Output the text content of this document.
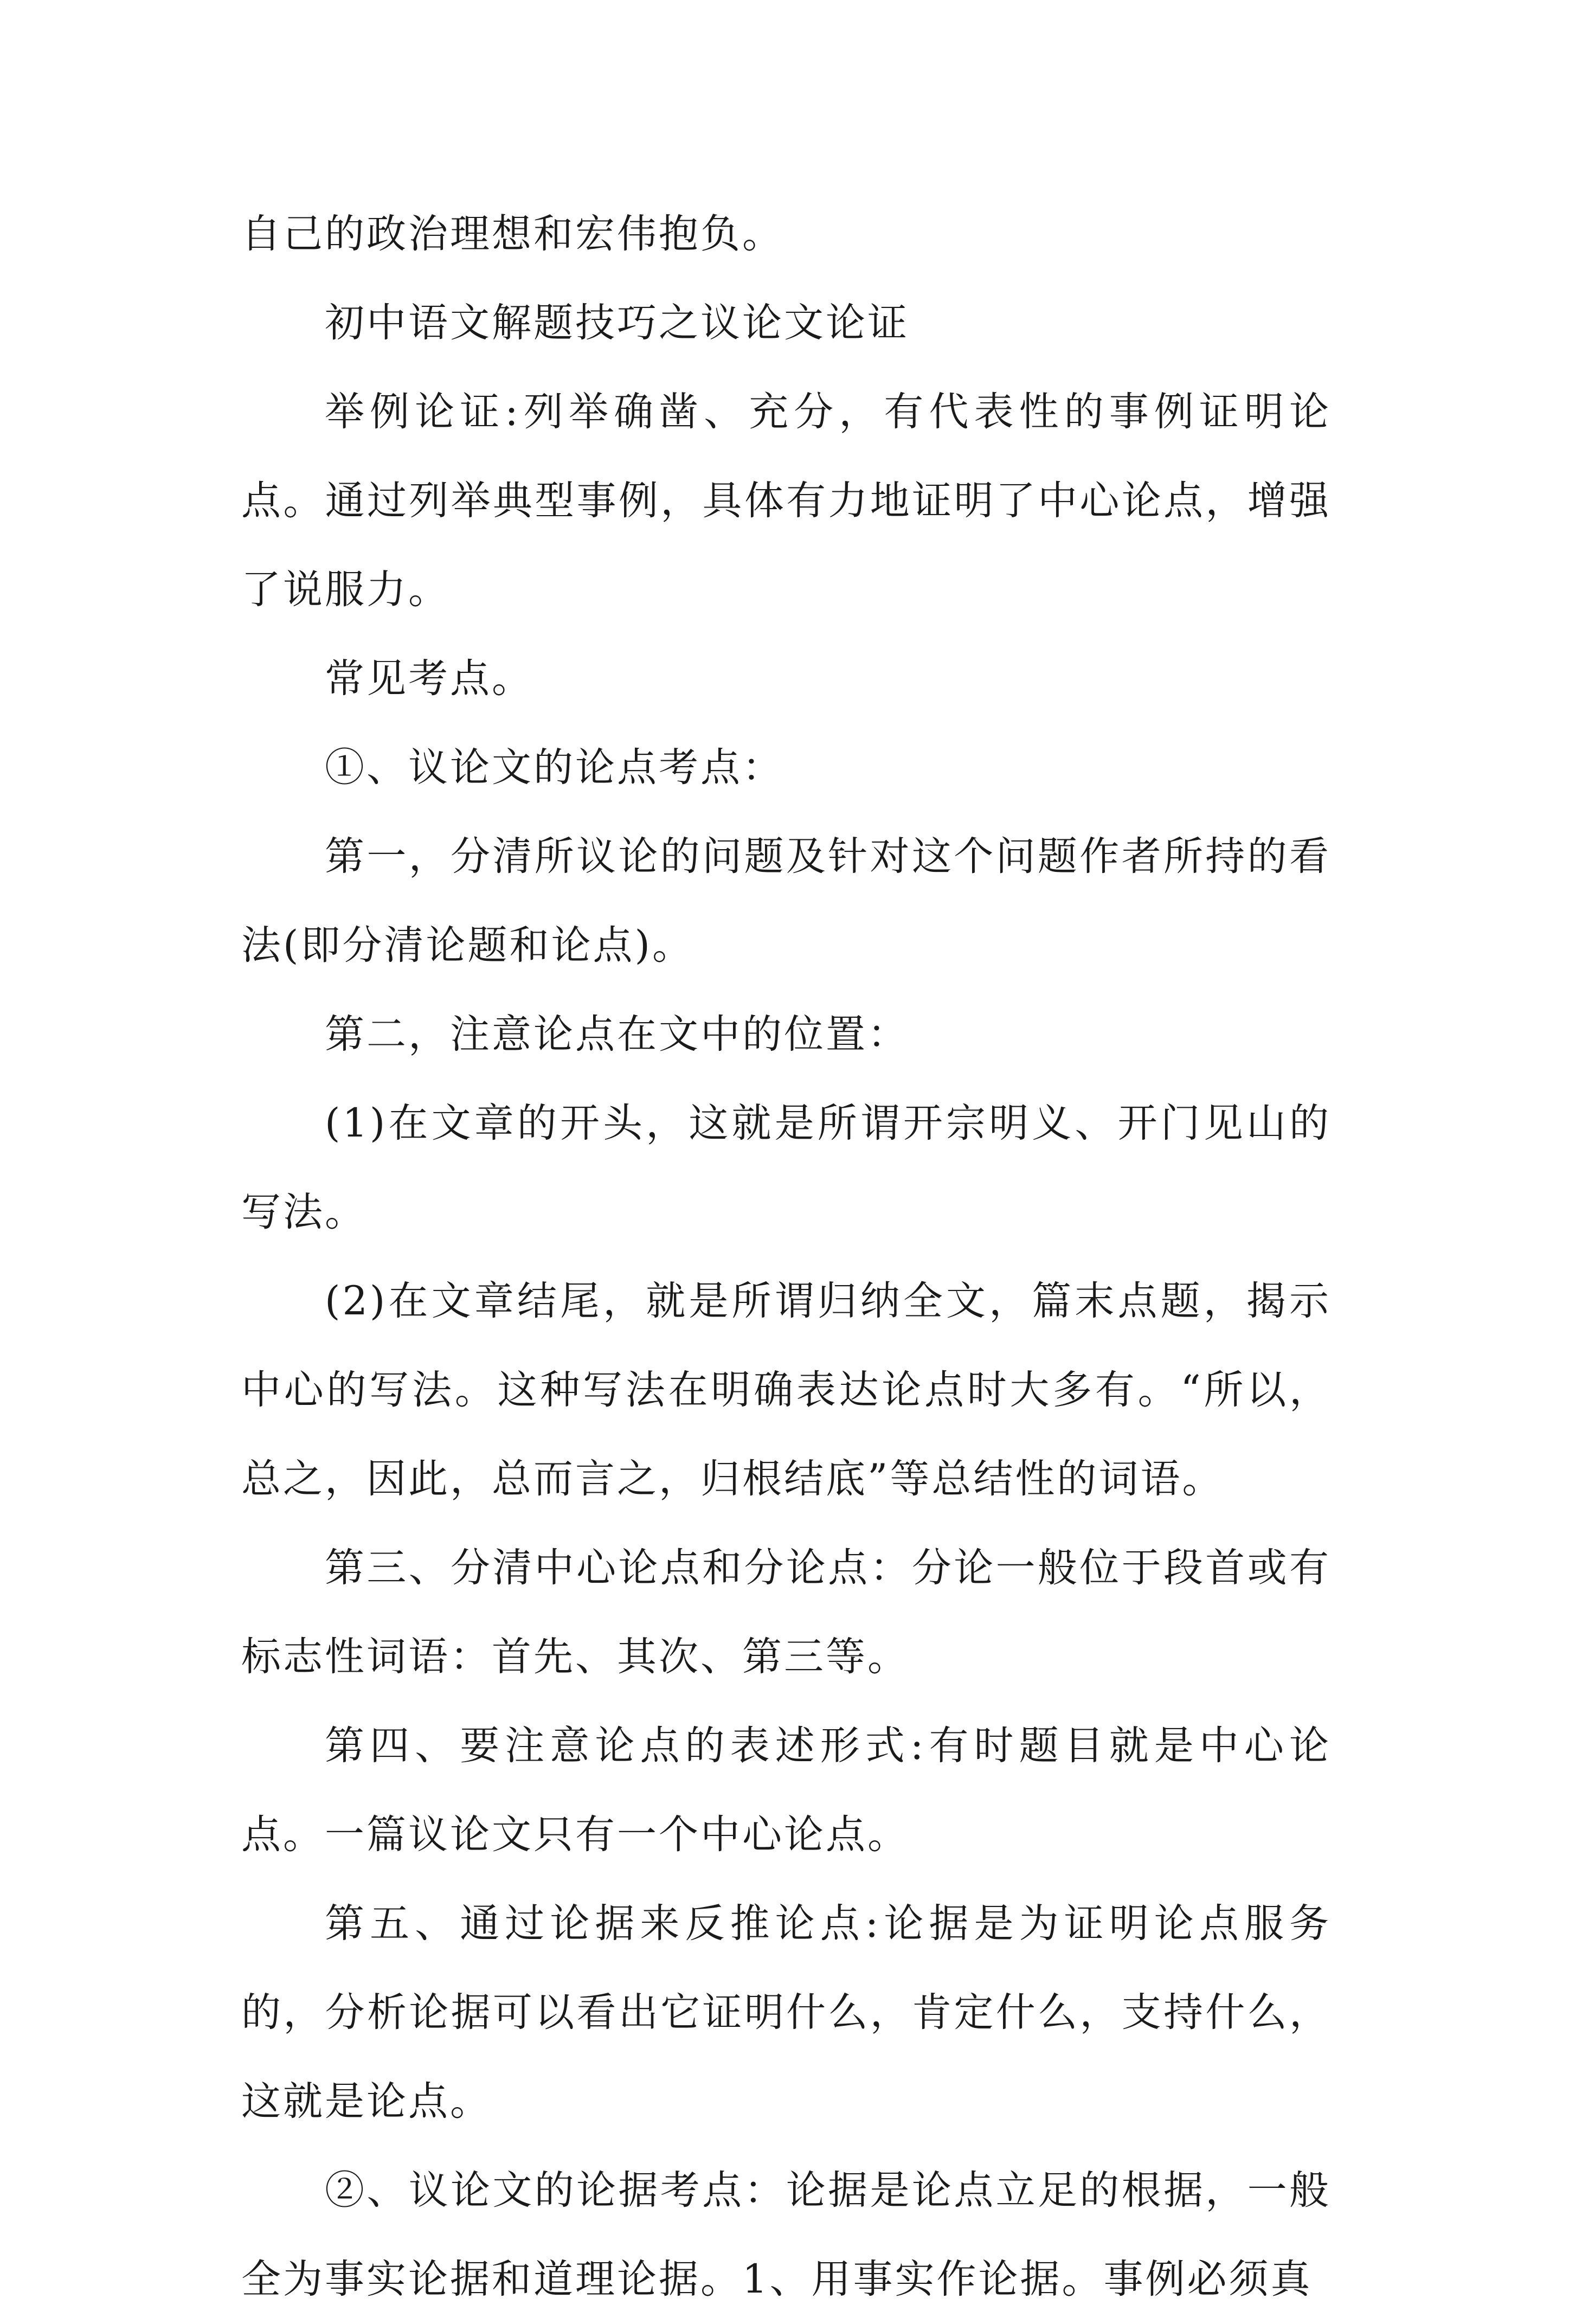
自己的政治理想和宏伟抱负。

初中语文解题技巧之议论文论证

举例论证:列举确凿、充分，有代表性的事例证明论点。通过列举典型事例，具体有力地证明了中心论点，增强了说服力。

常见考点。

①、议论文的论点考点：

第一，分清所议论的问题及针对这个问题作者所持的看法(即分清论题和论点)。

第二，注意论点在文中的位置：

(1)在文章的开头，这就是所谓开宗明义、开门见山的写法。

(2)在文章结尾，就是所谓归纳全文，篇末点题，揭示中心的写法。这种写法在明确表达论点时大多有。“所以，总之，因此，总而言之，归根结底”等总结性的词语。

第三、分清中心论点和分论点：分论一般位于段首或有标志性词语：首先、其次、第三等。

第四、要注意论点的表述形式:有时题目就是中心论点。一篇议论文只有一个中心论点。

第五、通过论据来反推论点:论据是为证明论点服务的，分析论据可以看出它证明什么，肯定什么，支持什么，这就是论点。

②、议论文的论据考点：论据是论点立足的根据，一般全为事实论据和道理论据。1、用事实作论据。事例必须真
